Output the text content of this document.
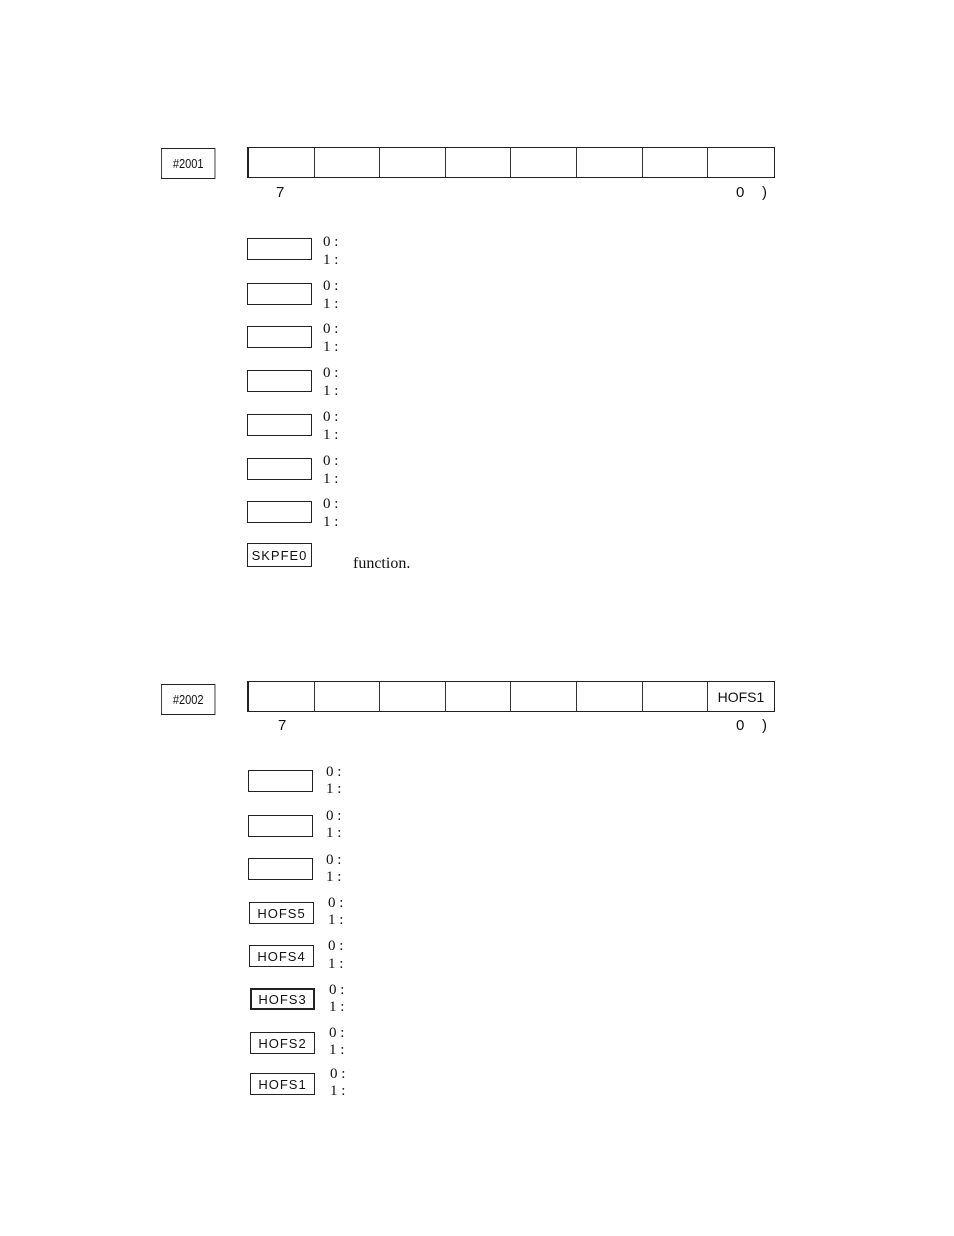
#2001
7	0 )
0 :
1 :
0 :
1 :
0 :
1 :
0 :
1 :
0 :
1 :
0 :
1 :
0 :
1 :
SKPFE0	function.
#2002	HOFS1
7	0 )
0 :
1 :
0 :
1 :
0 :
1 :
HOFS5
0 :
1 :
HOFS4
0 :
1 :
HOFS3
0 :
1 :
HOFS2
0 :
1 :
HOFS1
0 :
1 :
